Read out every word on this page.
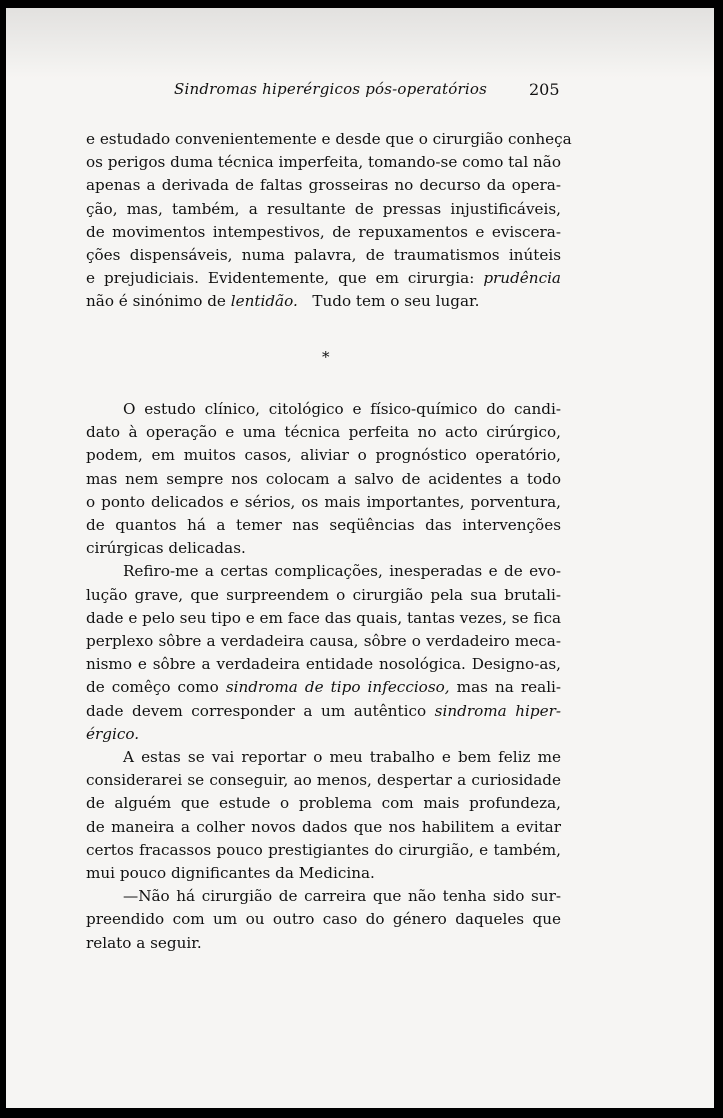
Sindromas hiperérgicos pós-operatórios	205
e estudado convenientemente e desde que o cirurgião conheça
os perigos duma técnica imperfeita, tomando-se como tal não
apenas a derivada de faltas grosseiras no decurso da opera-
ção, mas, também, a resultante de pressas injustificáveis,
de movimentos intempestivos, de repuxamentos e eviscera-
ções dispensáveis, numa palavra, de traumatismos inúteis
e prejudiciais. Evidentemente, que em cirurgia: prudência
não é sinónimo de lentidão. Tudo tem o seu lugar.
*
O estudo clínico, citológico e físico-químico do candi-
dato à operação e uma técnica perfeita no acto cirúrgico,
podem, em muitos casos, aliviar o prognóstico operatório,
mas nem sempre nos colocam a salvo de acidentes a todo
o ponto delicados e sérios, os mais importantes, porventura,
de quantos há a temer nas seqüências das intervenções
cirúrgicas delicadas.
Refiro-me a certas complicações, inesperadas e de evo-
lução grave, que surpreendem o cirurgião pela sua brutali-
dade e pelo seu tipo e em face das quais, tantas vezes, se fica
perplexo sôbre a verdadeira causa, sôbre o verdadeiro meca-
nismo e sôbre a verdadeira entidade nosológica. Designo-as,
de comêço como sindroma de tipo infeccioso, mas na reali-
dade devem corresponder a um autêntico sindroma hiper-
érgico.
A estas se vai reportar o meu trabalho e bem feliz me
considerarei se conseguir, ao menos, despertar a curiosidade
de alguém que estude o problema com mais profundeza,
de maneira a colher novos dados que nos habilitem a evitar
certos fracassos pouco prestigiantes do cirurgião, e também,
mui pouco dignificantes da Medicina.
—Não há cirurgião de carreira que não tenha sido sur-
preendido com um ou outro caso do género daqueles que
relato a seguir.
